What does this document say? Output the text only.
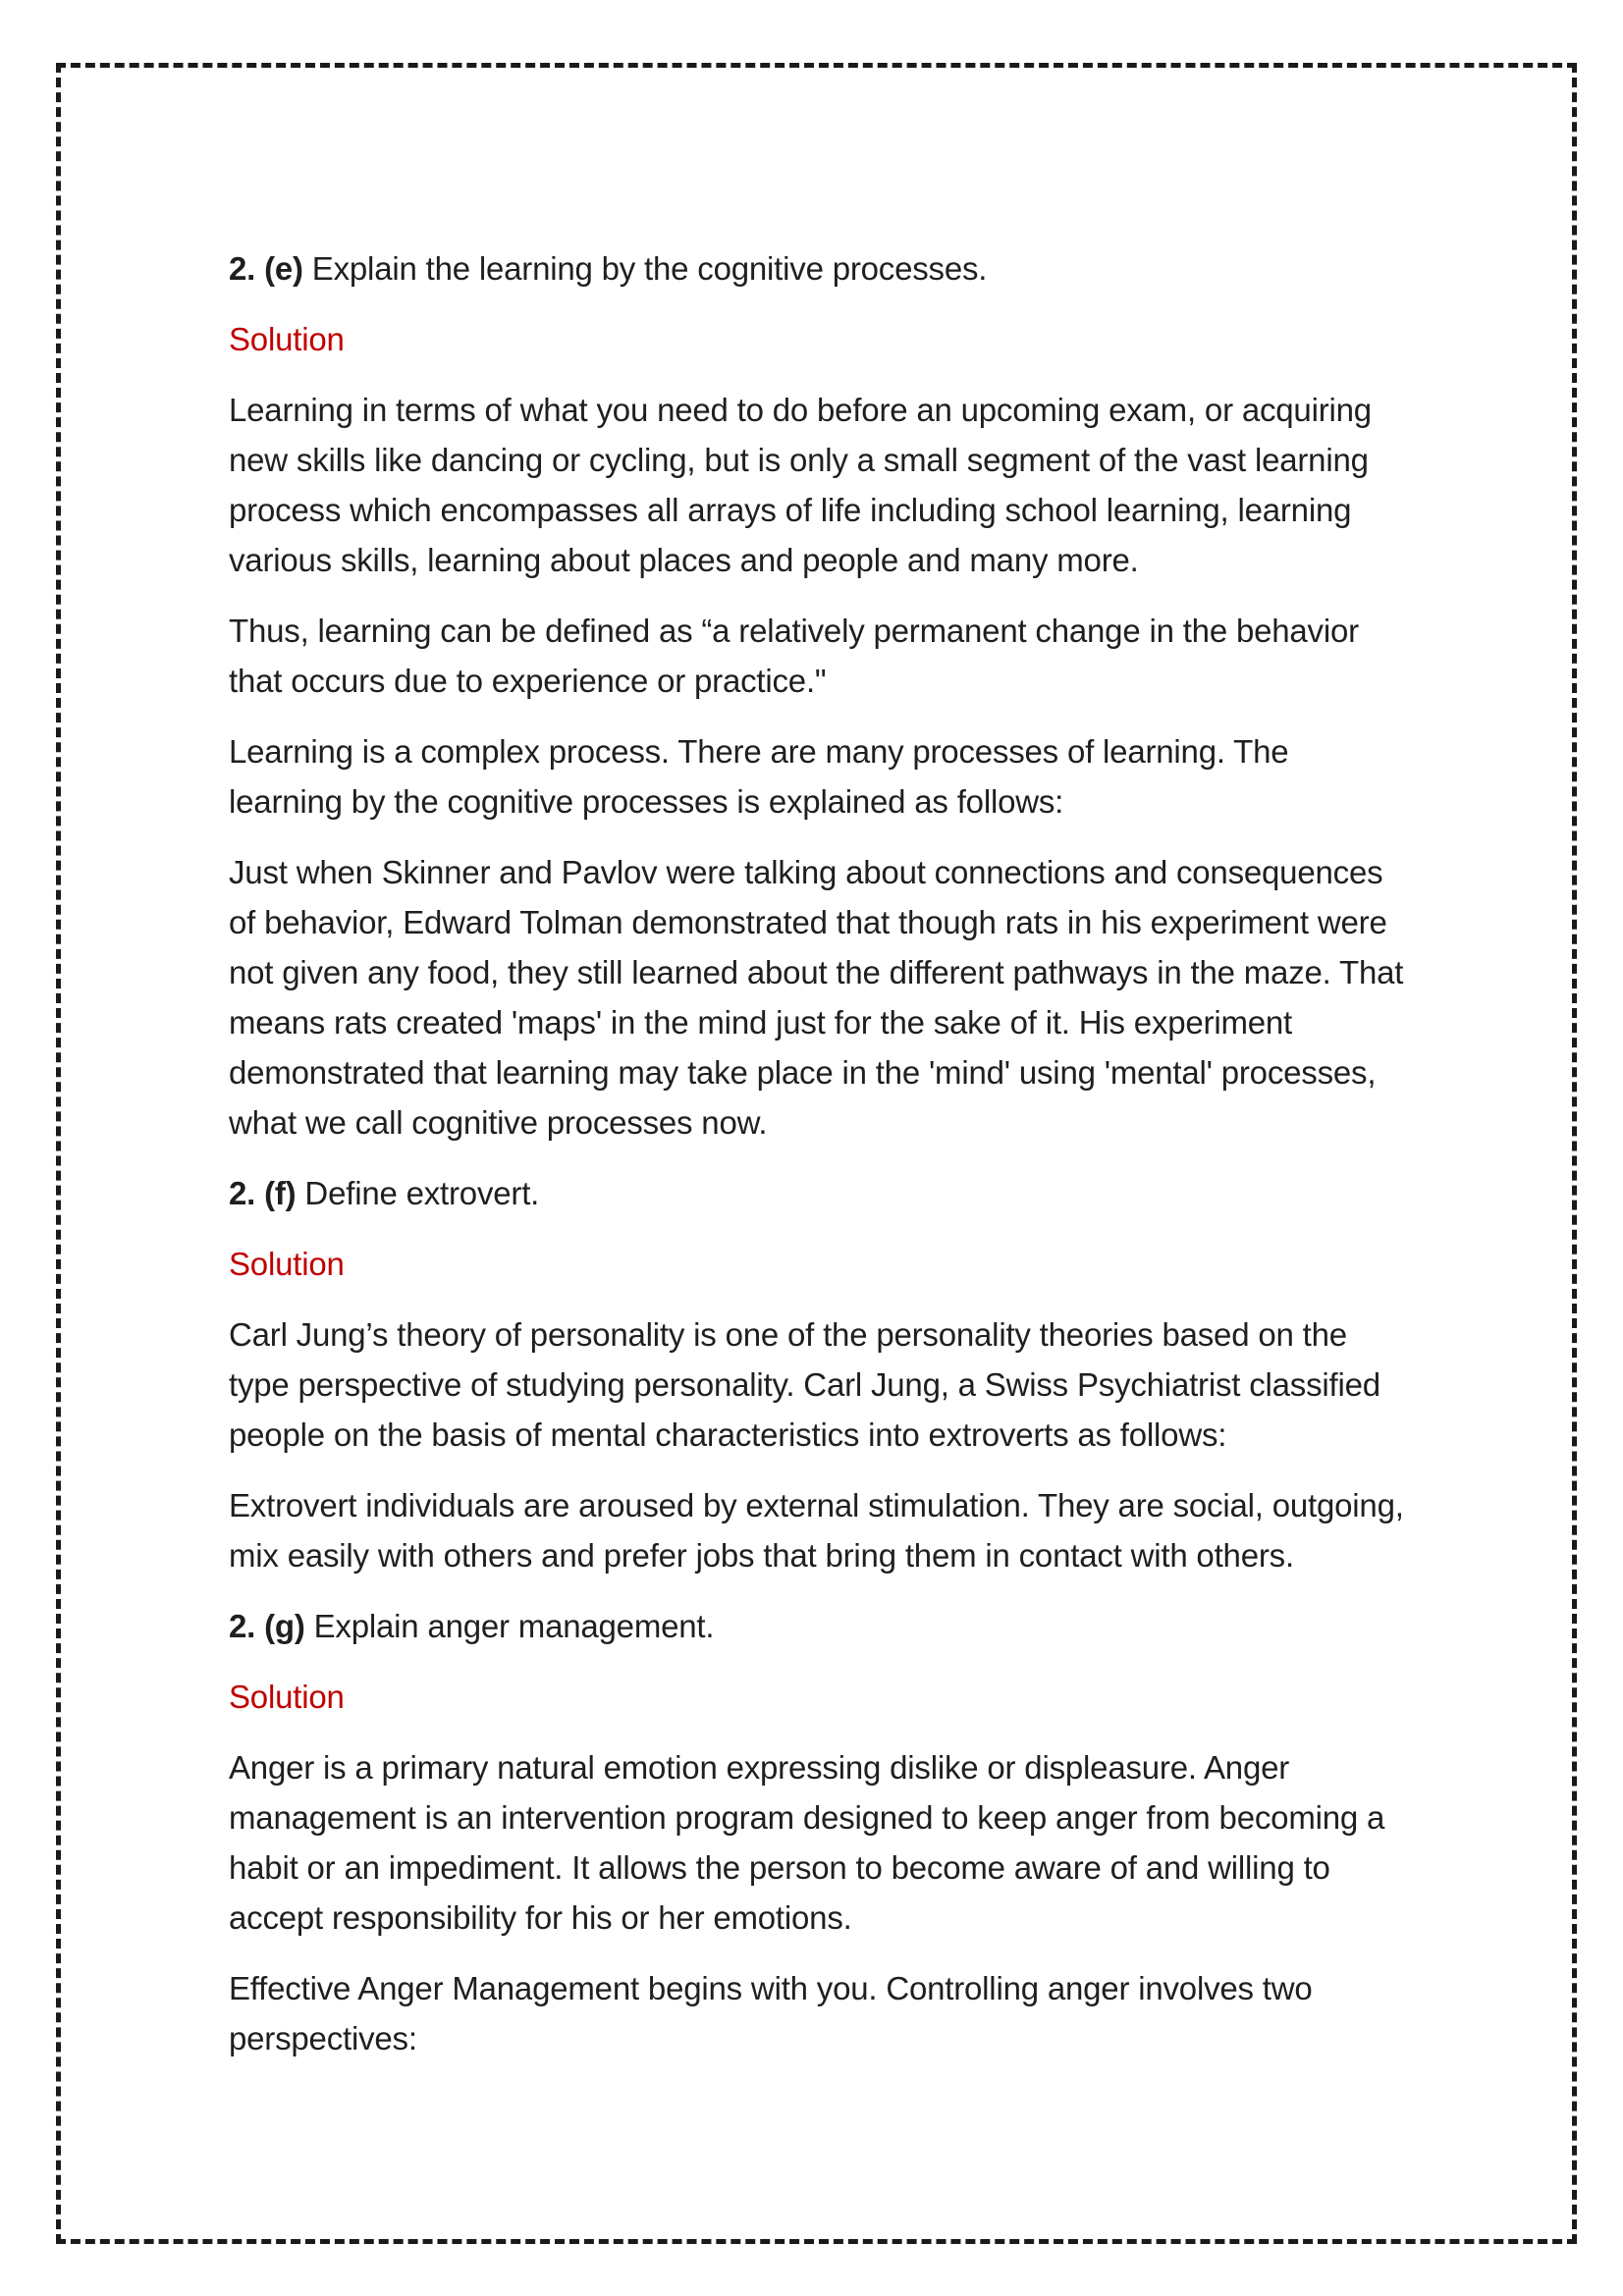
2. (e) Explain the learning by the cognitive processes.

Solution

Learning in terms of what you need to do before an upcoming exam, or acquiring new skills like dancing or cycling, but is only a small segment of the vast learning process which encompasses all arrays of life including school learning, learning various skills, learning about places and people and many more.

Thus, learning can be defined as “a relatively permanent change in the behavior that occurs due to experience or practice."

Learning is a complex process. There are many processes of learning. The learning by the cognitive processes is explained as follows:

Just when Skinner and Pavlov were talking about connections and consequences of behavior, Edward Tolman demonstrated that though rats in his experiment were not given any food, they still learned about the different pathways in the maze. That means rats created 'maps' in the mind just for the sake of it. His experiment demonstrated that learning may take place in the 'mind' using 'mental' processes, what we call cognitive processes now.

2. (f) Define extrovert.

Solution

Carl Jung’s theory of personality is one of the personality theories based on the type perspective of studying personality. Carl Jung, a Swiss Psychiatrist classified people on the basis of mental characteristics into extroverts as follows:

Extrovert individuals are aroused by external stimulation. They are social, outgoing, mix easily with others and prefer jobs that bring them in contact with others.

2. (g) Explain anger management.

Solution

Anger is a primary natural emotion expressing dislike or displeasure. Anger management is an intervention program designed to keep anger from becoming a habit or an impediment. It allows the person to become aware of and willing to accept responsibility for his or her emotions.

Effective Anger Management begins with you. Controlling anger involves two perspectives:
